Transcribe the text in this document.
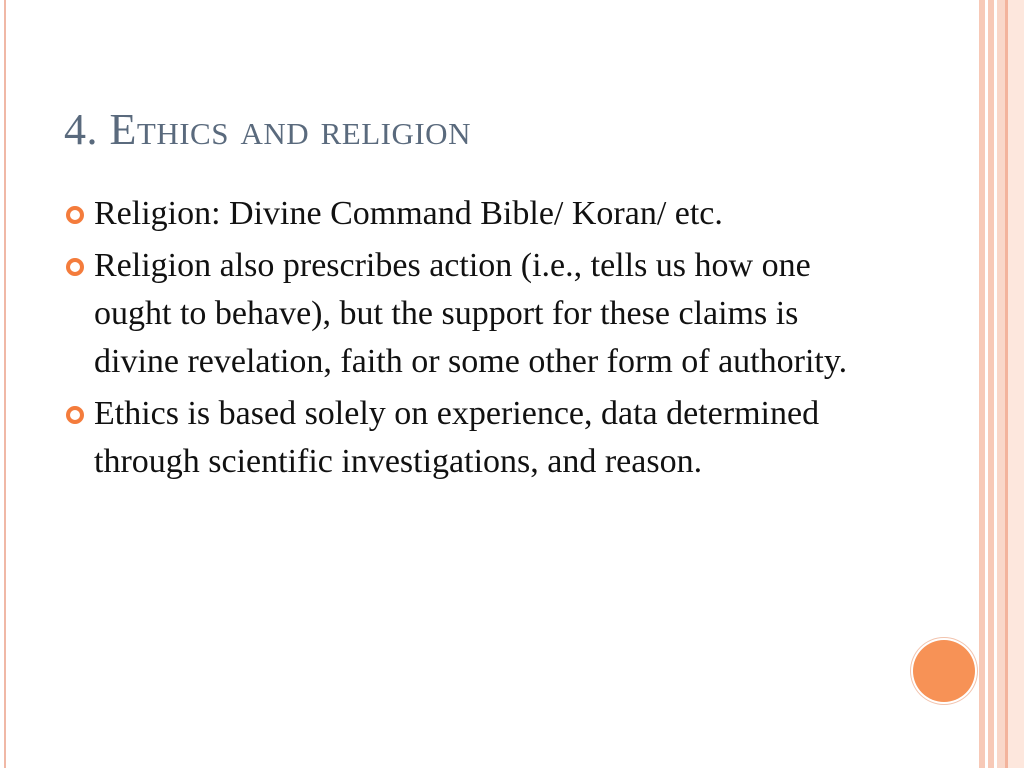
4. Ethics and religion
Religion: Divine Command Bible/ Koran/ etc.
Religion also prescribes action (i.e., tells us how one ought to behave), but the support for these claims is divine revelation, faith or some other form of authority.
Ethics is based solely on experience, data determined through scientific investigations, and reason.
